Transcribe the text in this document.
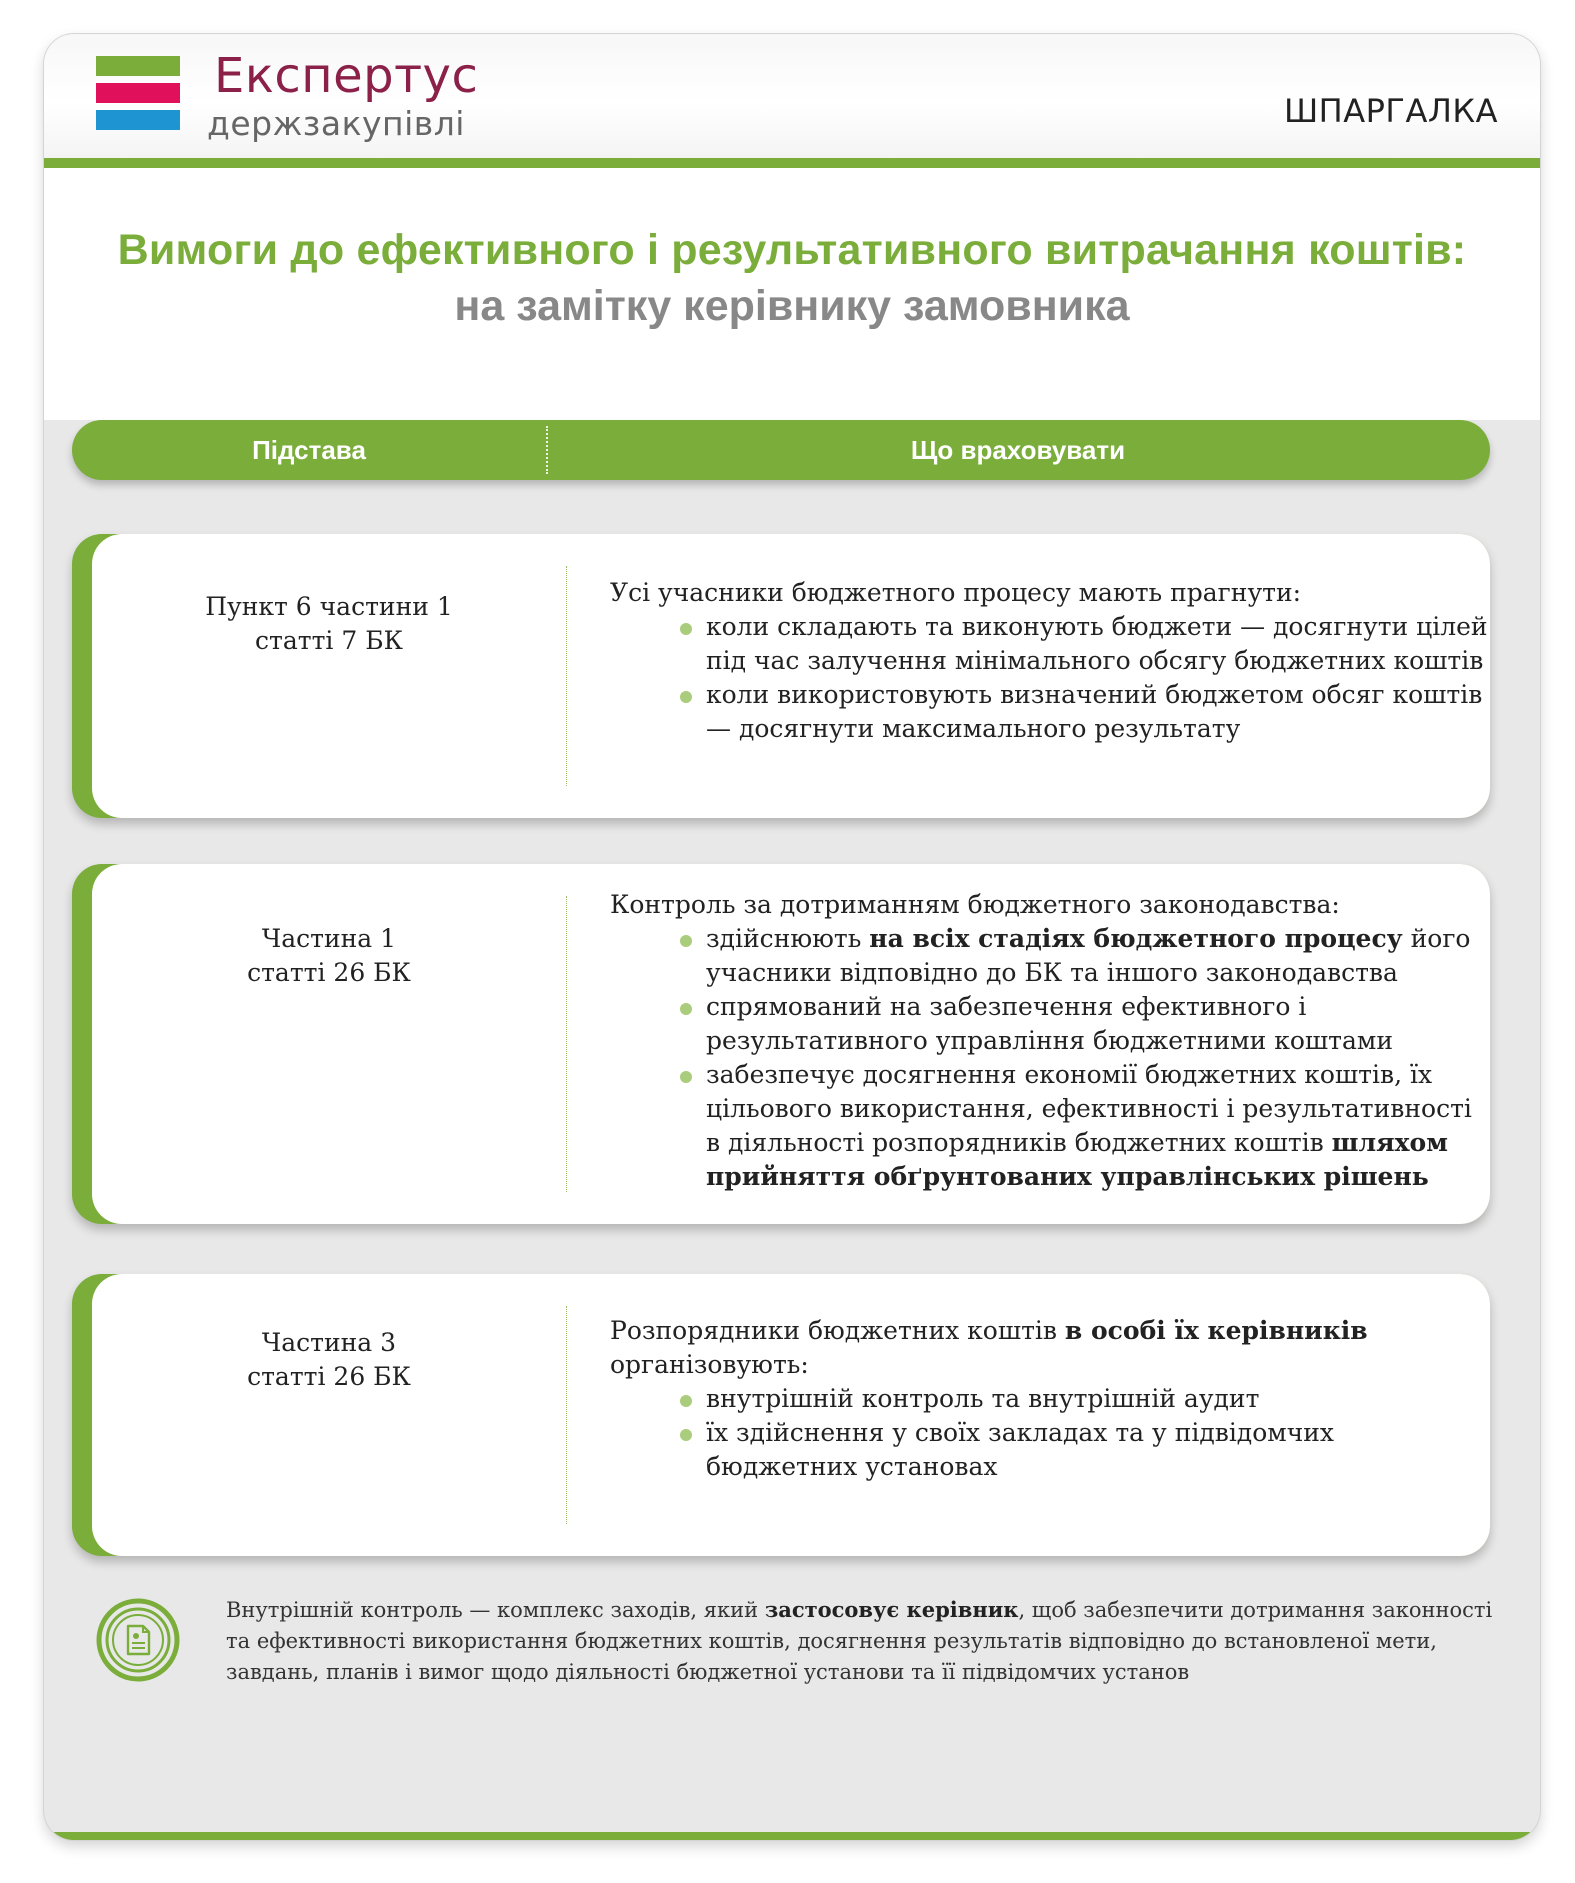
Експертус
держзакупівлі	ШПАРГАЛКА
Вимоги до ефективного і результативного витрачання коштів:
на замітку керівнику замовника
Підстава	Що враховувати
Пункт 6 частини 1
статті 7 БК
Усі учасники бюджетного процесу мають прагнути:
коли складають та виконують бюджети — досягнути цілей під час залучення мінімального обсягу бюджетних коштів
коли використовують визначений бюджетом обсяг коштів — досягнути максимального результату
Частина 1
статті 26 БК
Контроль за дотриманням бюджетного законодавства:
здійснюють на всіх стадіях бюджетного процесу його учасники відповідно до БК та іншого законодавства
спрямований на забезпечення ефективного і результативного управління бюджетними коштами
забезпечує досягнення економії бюджетних коштів, їх цільового використання, ефективності і результативності в діяльності розпорядників бюджетних коштів шляхом прийняття обґрунтованих управлінських рішень
Частина 3
статті 26 БК
Розпорядники бюджетних коштів в особі їх керівників організовують:
внутрішній контроль та внутрішній аудит
їх здійснення у своїх закладах та у підвідомчих бюджетних установах
Внутрішній контроль — комплекс заходів, який застосовує керівник, щоб забезпечити дотримання законності та ефективності використання бюджетних коштів, досягнення результатів відповідно до встановленої мети, завдань, планів і вимог щодо діяльності бюджетної установи та її підвідомчих установ
